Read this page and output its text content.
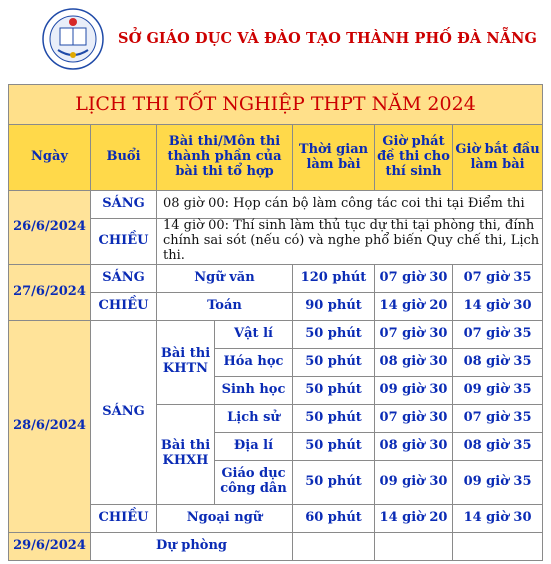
SỞ GIÁO DỤC VÀ ĐÀO TẠO THÀNH PHỐ ĐÀ NẴNG
LỊCH THI TỐT NGHIỆP THPT NĂM 2024						
Ngày	Buổi	Bài thi/Môn thi thành phần của bài thi tổ hợp		Thời gian làm bài	Giờ phát đề thi cho thí sinh	Giờ bắt đầu làm bài
26/6/2024	SÁNG	08 giờ 00: Họp cán bộ làm công tác coi thi tại Điểm thi				
	CHIỀU	14 giờ 00: Thí sinh làm thủ tục dự thi tại phòng thi, đính chính sai sót (nếu có) và nghe phổ biến Quy chế thi, Lịch thi.				
27/6/2024	SÁNG	Ngữ văn		120 phút	07 giờ 30	07 giờ 35
	CHIỀU	Toán		90 phút	14 giờ 20	14 giờ 30
28/6/2024	SÁNG	Bài thi KHTN	Vật lí	50 phút	07 giờ 30	07 giờ 35
			Hóa học	50 phút	08 giờ 30	08 giờ 35
			Sinh học	50 phút	09 giờ 30	09 giờ 35
		Bài thi KHXH	Lịch sử	50 phút	07 giờ 30	07 giờ 35
			Địa lí	50 phút	08 giờ 30	08 giờ 35
			Giáo dục công dân	50 phút	09 giờ 30	09 giờ 35
	CHIỀU	Ngoại ngữ		60 phút	14 giờ 20	14 giờ 30
29/6/2024	Dự phòng					
